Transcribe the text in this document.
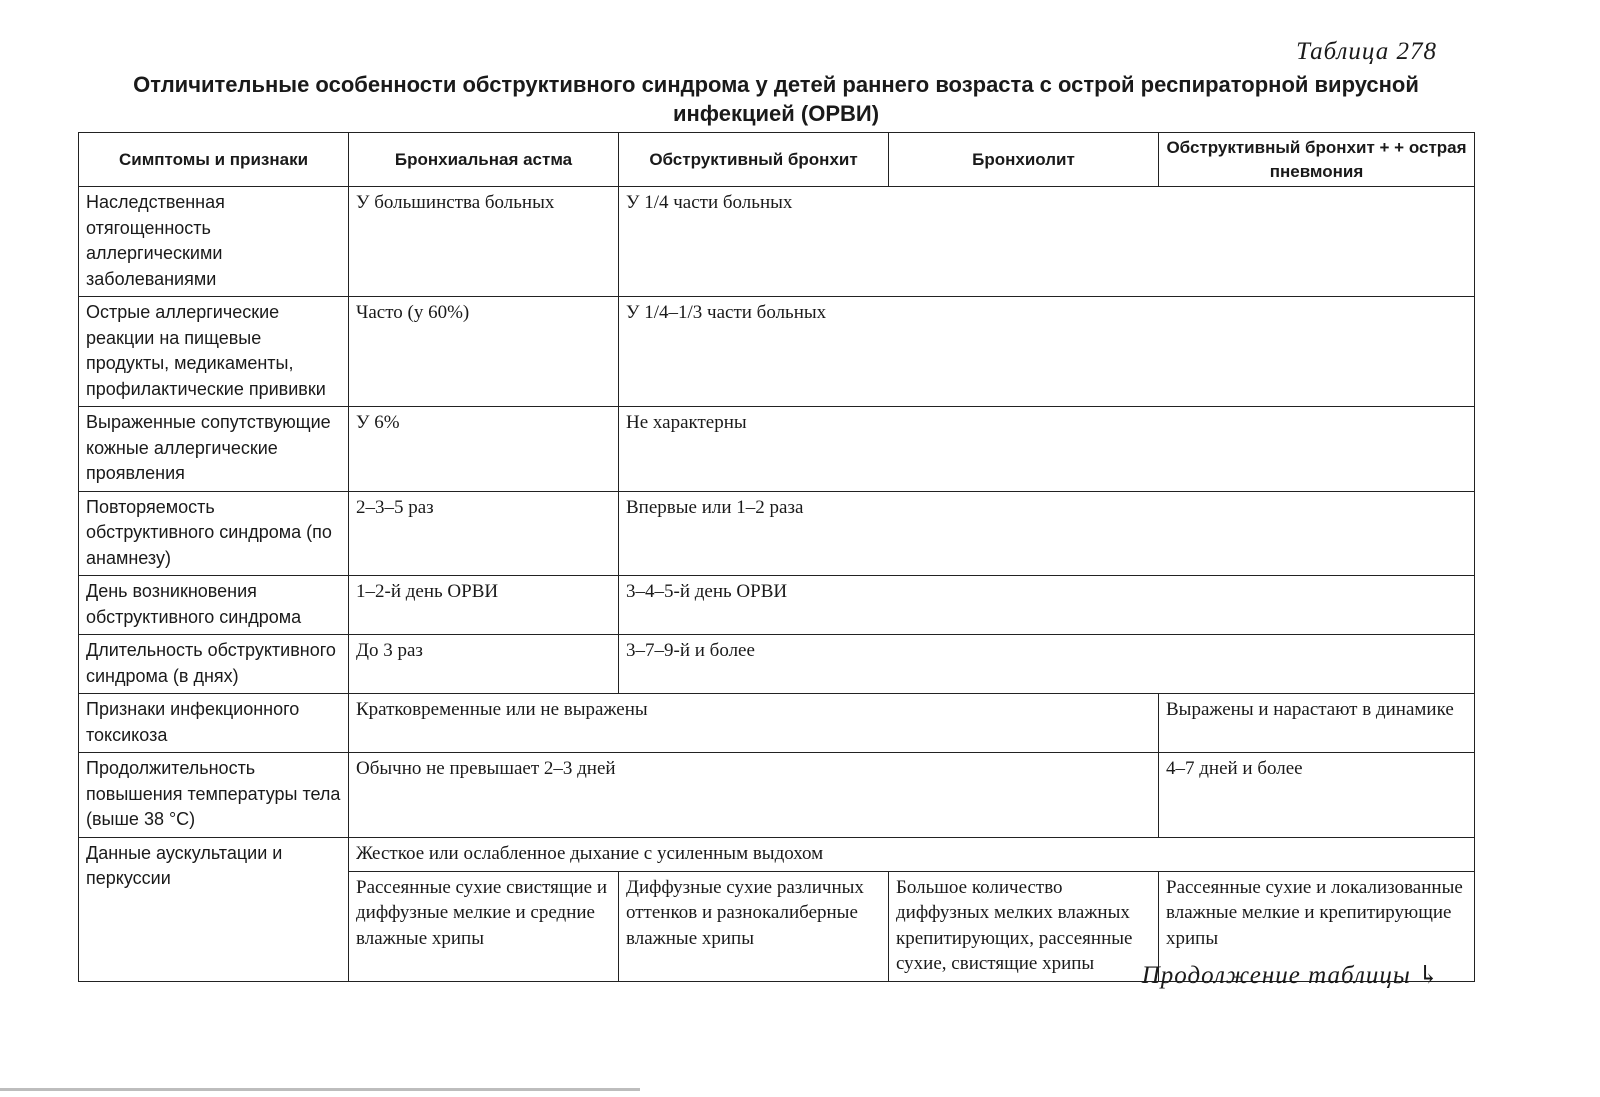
Таблица 278
Отличительные особенности обструктивного синдрома у детей раннего возраста с острой респираторной вирусной инфекцией (ОРВИ)
Симптомы и признаки	Бронхиальная астма	Обструктивный бронхит	Бронхиолит	Обструктивный бронхит + + острая пневмония
Наследственная отягощенность аллергическими заболеваниями	У большинства больных	У 1/4 части больных		
Острые аллергические реакции на пищевые продукты, медикаменты, профилактические прививки	Часто (у 60%)	У 1/4–1/3 части больных		
Выраженные сопутствующие кожные аллергические проявления	У 6%	Не характерны		
Повторяемость обструктивного синдрома (по анамнезу)	2–3–5 раз	Впервые или 1–2 раза		
День возникновения обструктивного синдрома	1–2-й день ОРВИ	3–4–5-й день ОРВИ		
Длительность обструктивного синдрома (в днях)	До 3 раз	3–7–9-й и более		
Признаки инфекционного токсикоза	Кратковременные или не выражены			Выражены и нарастают в динамике
Продолжительность повышения температуры тела (выше 38 °С)	Обычно не превышает 2–3 дней			4–7 дней и более
Данные аускультации и перкуссии	Жесткое или ослабленное дыхание с усиленным выдохом			
	Рассеянные сухие свистящие и диффузные мелкие и средние влажные хрипы	Диффузные сухие различных оттенков и разнокалиберные влажные хрипы	Большое количество диффузных мелких влажных крепитирующих, рассеянные сухие, свистящие хрипы	Рассеянные сухие и локализованные влажные мелкие и крепитирующие хрипы
Продолжение таблицы ↳
